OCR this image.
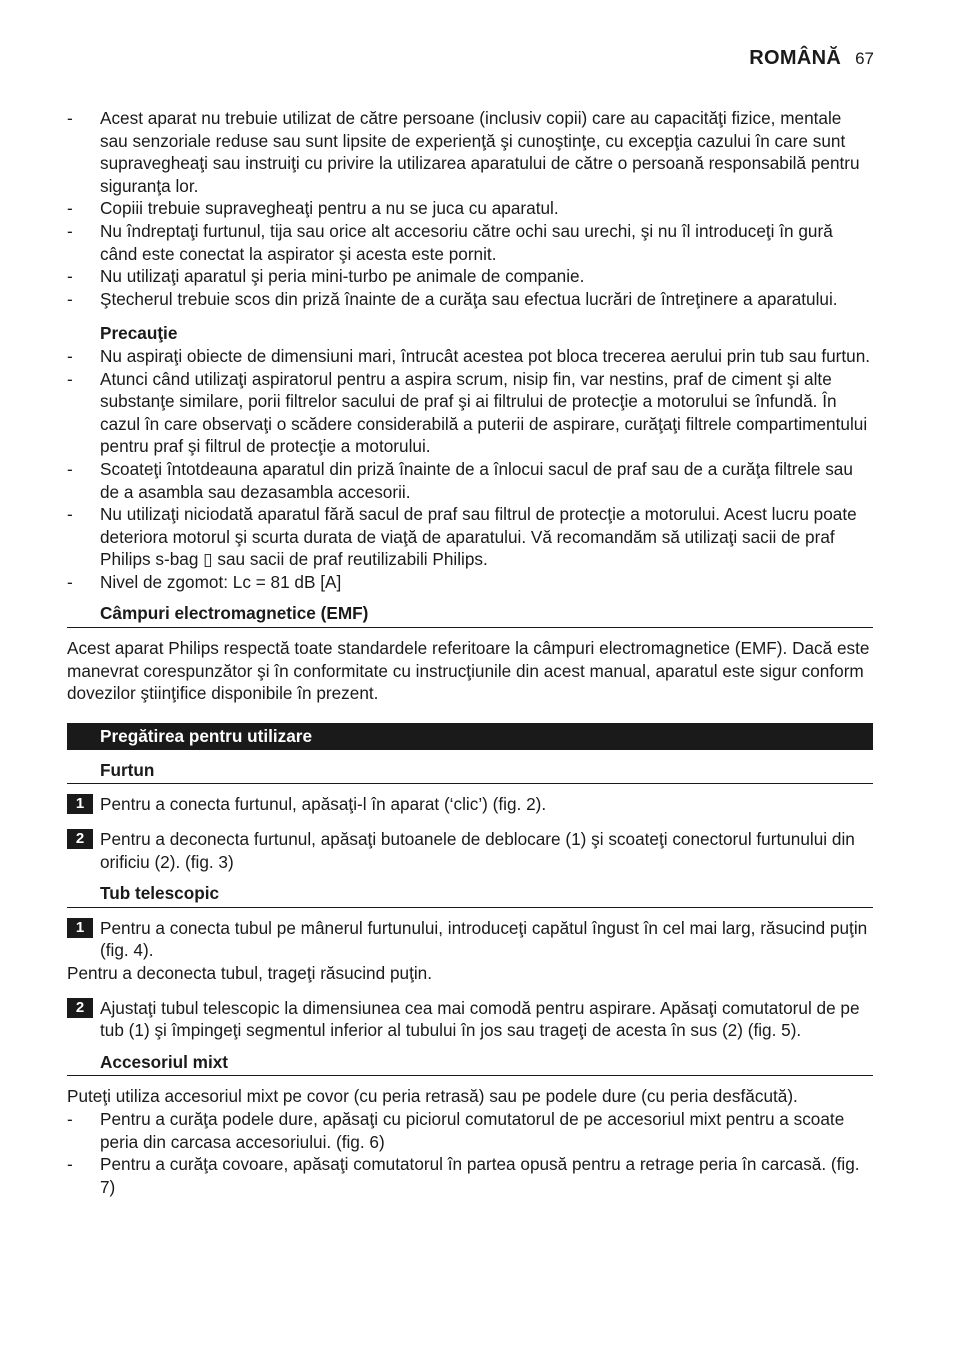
ROMÂNĂ 67
- Acest aparat nu trebuie utilizat de către persoane (inclusiv copii) care au capacităţi fizice, mentale sau senzoriale reduse sau sunt lipsite de experienţă şi cunoştinţe, cu excepţia cazului în care sunt supravegheaţi sau instruiţi cu privire la utilizarea aparatului de către o persoană responsabilă pentru siguranţa lor.
- Copiii trebuie supravegheaţi pentru a nu se juca cu aparatul.
- Nu îndreptaţi furtunul, tija sau orice alt accesoriu către ochi sau urechi, şi nu îl introduceţi în gură când este conectat la aspirator şi acesta este pornit.
- Nu utilizaţi aparatul şi peria mini-turbo pe animale de companie.
- Ştecherul trebuie scos din priză înainte de a curăţa sau efectua lucrări de întreţinere a aparatului.
Precauţie
- Nu aspiraţi obiecte de dimensiuni mari, întrucât acestea pot bloca trecerea aerului prin tub sau furtun.
- Atunci când utilizaţi aspiratorul pentru a aspira scrum, nisip fin, var nestins, praf de ciment şi alte substanţe similare, porii filtrelor sacului de praf şi ai filtrului de protecţie a motorului se înfundă. În cazul în care observaţi o scădere considerabilă a puterii de aspirare, curăţaţi filtrele compartimentului pentru praf şi filtrul de protecţie a motorului.
- Scoateţi întotdeauna aparatul din priză înainte de a înlocui sacul de praf sau de a curăţa filtrele sau de a asambla sau dezasambla accesorii.
- Nu utilizaţi niciodată aparatul fără sacul de praf sau filtrul de protecţie a motorului. Acest lucru poate deteriora motorul şi scurta durata de viaţă de aparatului. Vă recomandăm să utilizaţi sacii de praf Philips s-bag ▯ sau sacii de praf reutilizabili Philips.
- Nivel de zgomot: Lc = 81 dB [A]
Câmpuri electromagnetice (EMF)

Acest aparat Philips respectă toate standardele referitoare la câmpuri electromagnetice (EMF). Dacă este manevrat corespunzător şi în conformitate cu instrucţiunile din acest manual, aparatul este sigur conform dovezilor ştiinţifice disponibile în prezent.

Pregătirea pentru utilizare
Furtun
1 Pentru a conecta furtunul, apăsaţi-l în aparat (‘clic’) (fig. 2).
2 Pentru a deconecta furtunul, apăsaţi butoanele de deblocare (1) şi scoateţi conectorul furtunului din orificiu (2). (fig. 3)
Tub telescopic
1 Pentru a conecta tubul pe mânerul furtunului, introduceţi capătul îngust în cel mai larg, răsucind puţin (fig. 4).

Pentru a deconecta tubul, trageţi răsucind puţin.

2 Ajustaţi tubul telescopic la dimensiunea cea mai comodă pentru aspirare. Apăsaţi comutatorul de pe tub (1) şi împingeţi segmentul inferior al tubului în jos sau trageţi de acesta în sus (2) (fig. 5).
Accesoriul mixt

Puteţi utiliza accesoriul mixt pe covor (cu peria retrasă) sau pe podele dure (cu peria desfăcută).

- Pentru a curăţa podele dure, apăsaţi cu piciorul comutatorul de pe accesoriul mixt pentru a scoate peria din carcasa accesoriului. (fig. 6)
- Pentru a curăţa covoare, apăsaţi comutatorul în partea opusă pentru a retrage peria în carcasă. (fig. 7)
